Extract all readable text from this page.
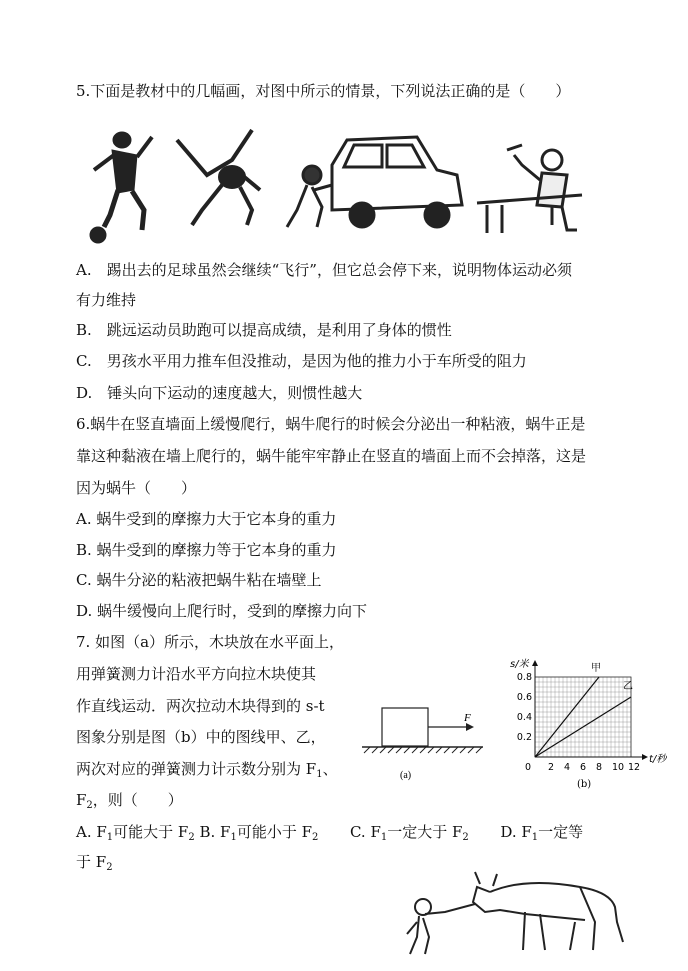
5.下面是教材中的几幅画，对图中所示的情景，下列说法正确的是（　　）
A.　踢出去的足球虽然会继续“飞行”，但它总会停下来，说明物体运动必须
有力维持
B.　跳远运动员助跑可以提高成绩，是利用了身体的惯性
C.　男孩水平用力推车但没推动，是因为他的推力小于车所受的阻力
D.　锤头向下运动的速度越大，则惯性越大
6.蜗牛在竖直墙面上缓慢爬行，蜗牛爬行的时候会分泌出一种粘液，蜗牛正是
靠这种黏液在墙上爬行的，蜗牛能牢牢静止在竖直的墙面上而不会掉落，这是
因为蜗牛（　　）
A. 蜗牛受到的摩擦力大于它本身的重力
B. 蜗牛受到的摩擦力等于它本身的重力
C. 蜗牛分泌的粘液把蜗牛粘在墙壁上
D. 蜗牛缓慢向上爬行时，受到的摩擦力向下
7. 如图（a）所示，木块放在水平面上，
用弹簧测力计沿水平方向拉木块使其
作直线运动．两次拉动木块得到的 s-t
图象分别是图（b）中的图线甲、乙，
两次对应的弹簧测力计示数分别为 $F_1$、
$F_2$，则（　　）
A. $F_1$可能大于 $F_2$ B. $F_1$可能小于 $F_2$ C. $F_1$一定大于 $F_2$ D. $F_1$一定等
于 $F_2$
F
(a)
甲
乙
0 2 4 6 8 10 12
0.2
0.4
0.6
0.8
s/米
t/秒
(b)
